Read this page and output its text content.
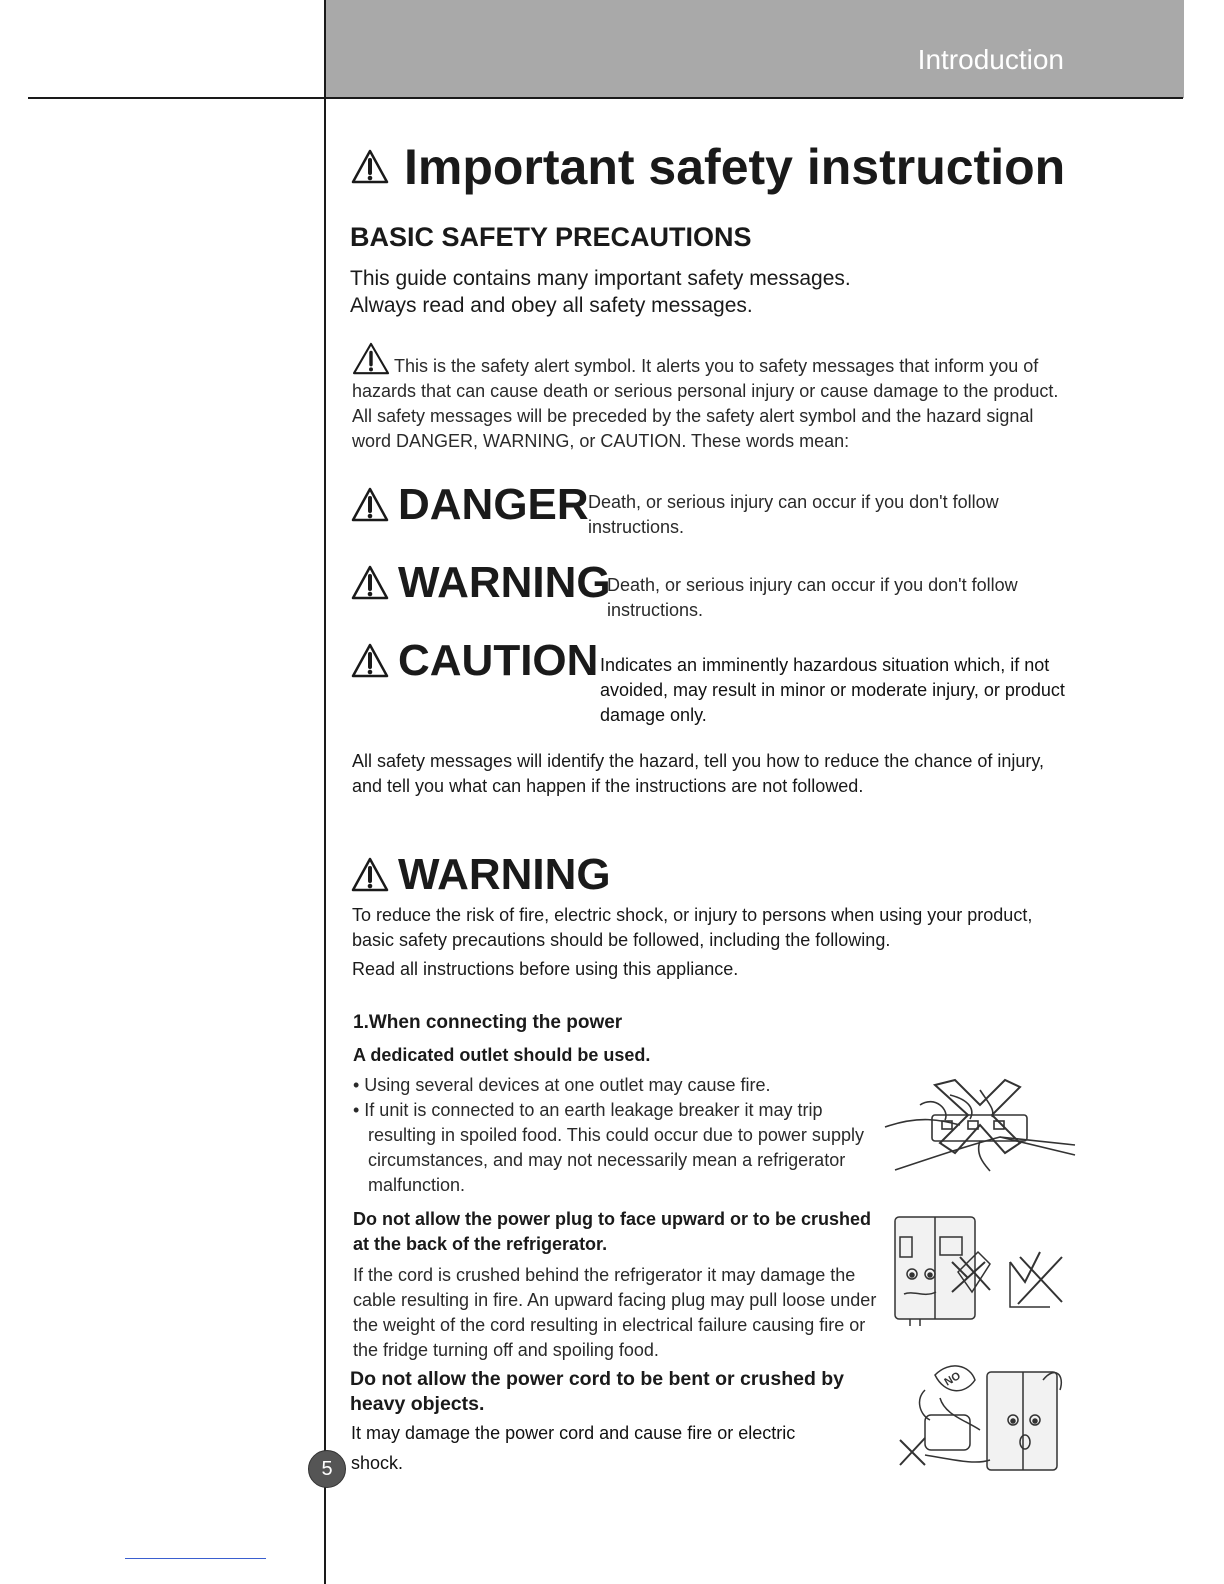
Introduction
Important safety instruction
BASIC SAFETY PRECAUTIONS
This guide contains many important safety messages.
Always read and obey all safety messages.
This is the safety alert symbol. It alerts you to safety messages that inform you of hazards that can cause death or serious personal injury or cause damage to the product. All safety messages will be preceded by the safety alert symbol and the hazard signal word DANGER, WARNING, or CAUTION. These words mean:
DANGER Death, or serious injury can occur if you don't follow instructions.
WARNING
Death, or serious injury can occur if you don't follow instructions.
CAUTION Indicates an imminently hazardous situation which, if not avoided, may result in minor or moderate injury, or product damage only.
All safety messages will identify the hazard, tell you how to reduce the chance of injury, and tell you what can happen if the instructions are not followed.
WARNING
To reduce the risk of fire, electric shock, or injury to persons when using your product, basic safety precautions should be followed, including the following.
Read all instructions before using this appliance.
1.When connecting the power
A dedicated outlet should be used.
• Using several devices at one outlet may cause fire.
• If unit is connected to an earth leakage breaker it may trip resulting in spoiled food. This could occur due to power supply circumstances, and may not necessarily mean a refrigerator malfunction.
Do not allow the power plug to face upward or to be crushed at the back of the refrigerator.
If the cord is crushed behind the refrigerator it may damage the cable resulting in fire. An upward facing plug may pull loose under the weight of the cord resulting in electrical failure causing fire or the fridge turning off and spoiling food.
Do not allow the power cord to be bent or crushed by heavy objects.
It may damage the power cord and cause fire or electric shock.
5
NO
